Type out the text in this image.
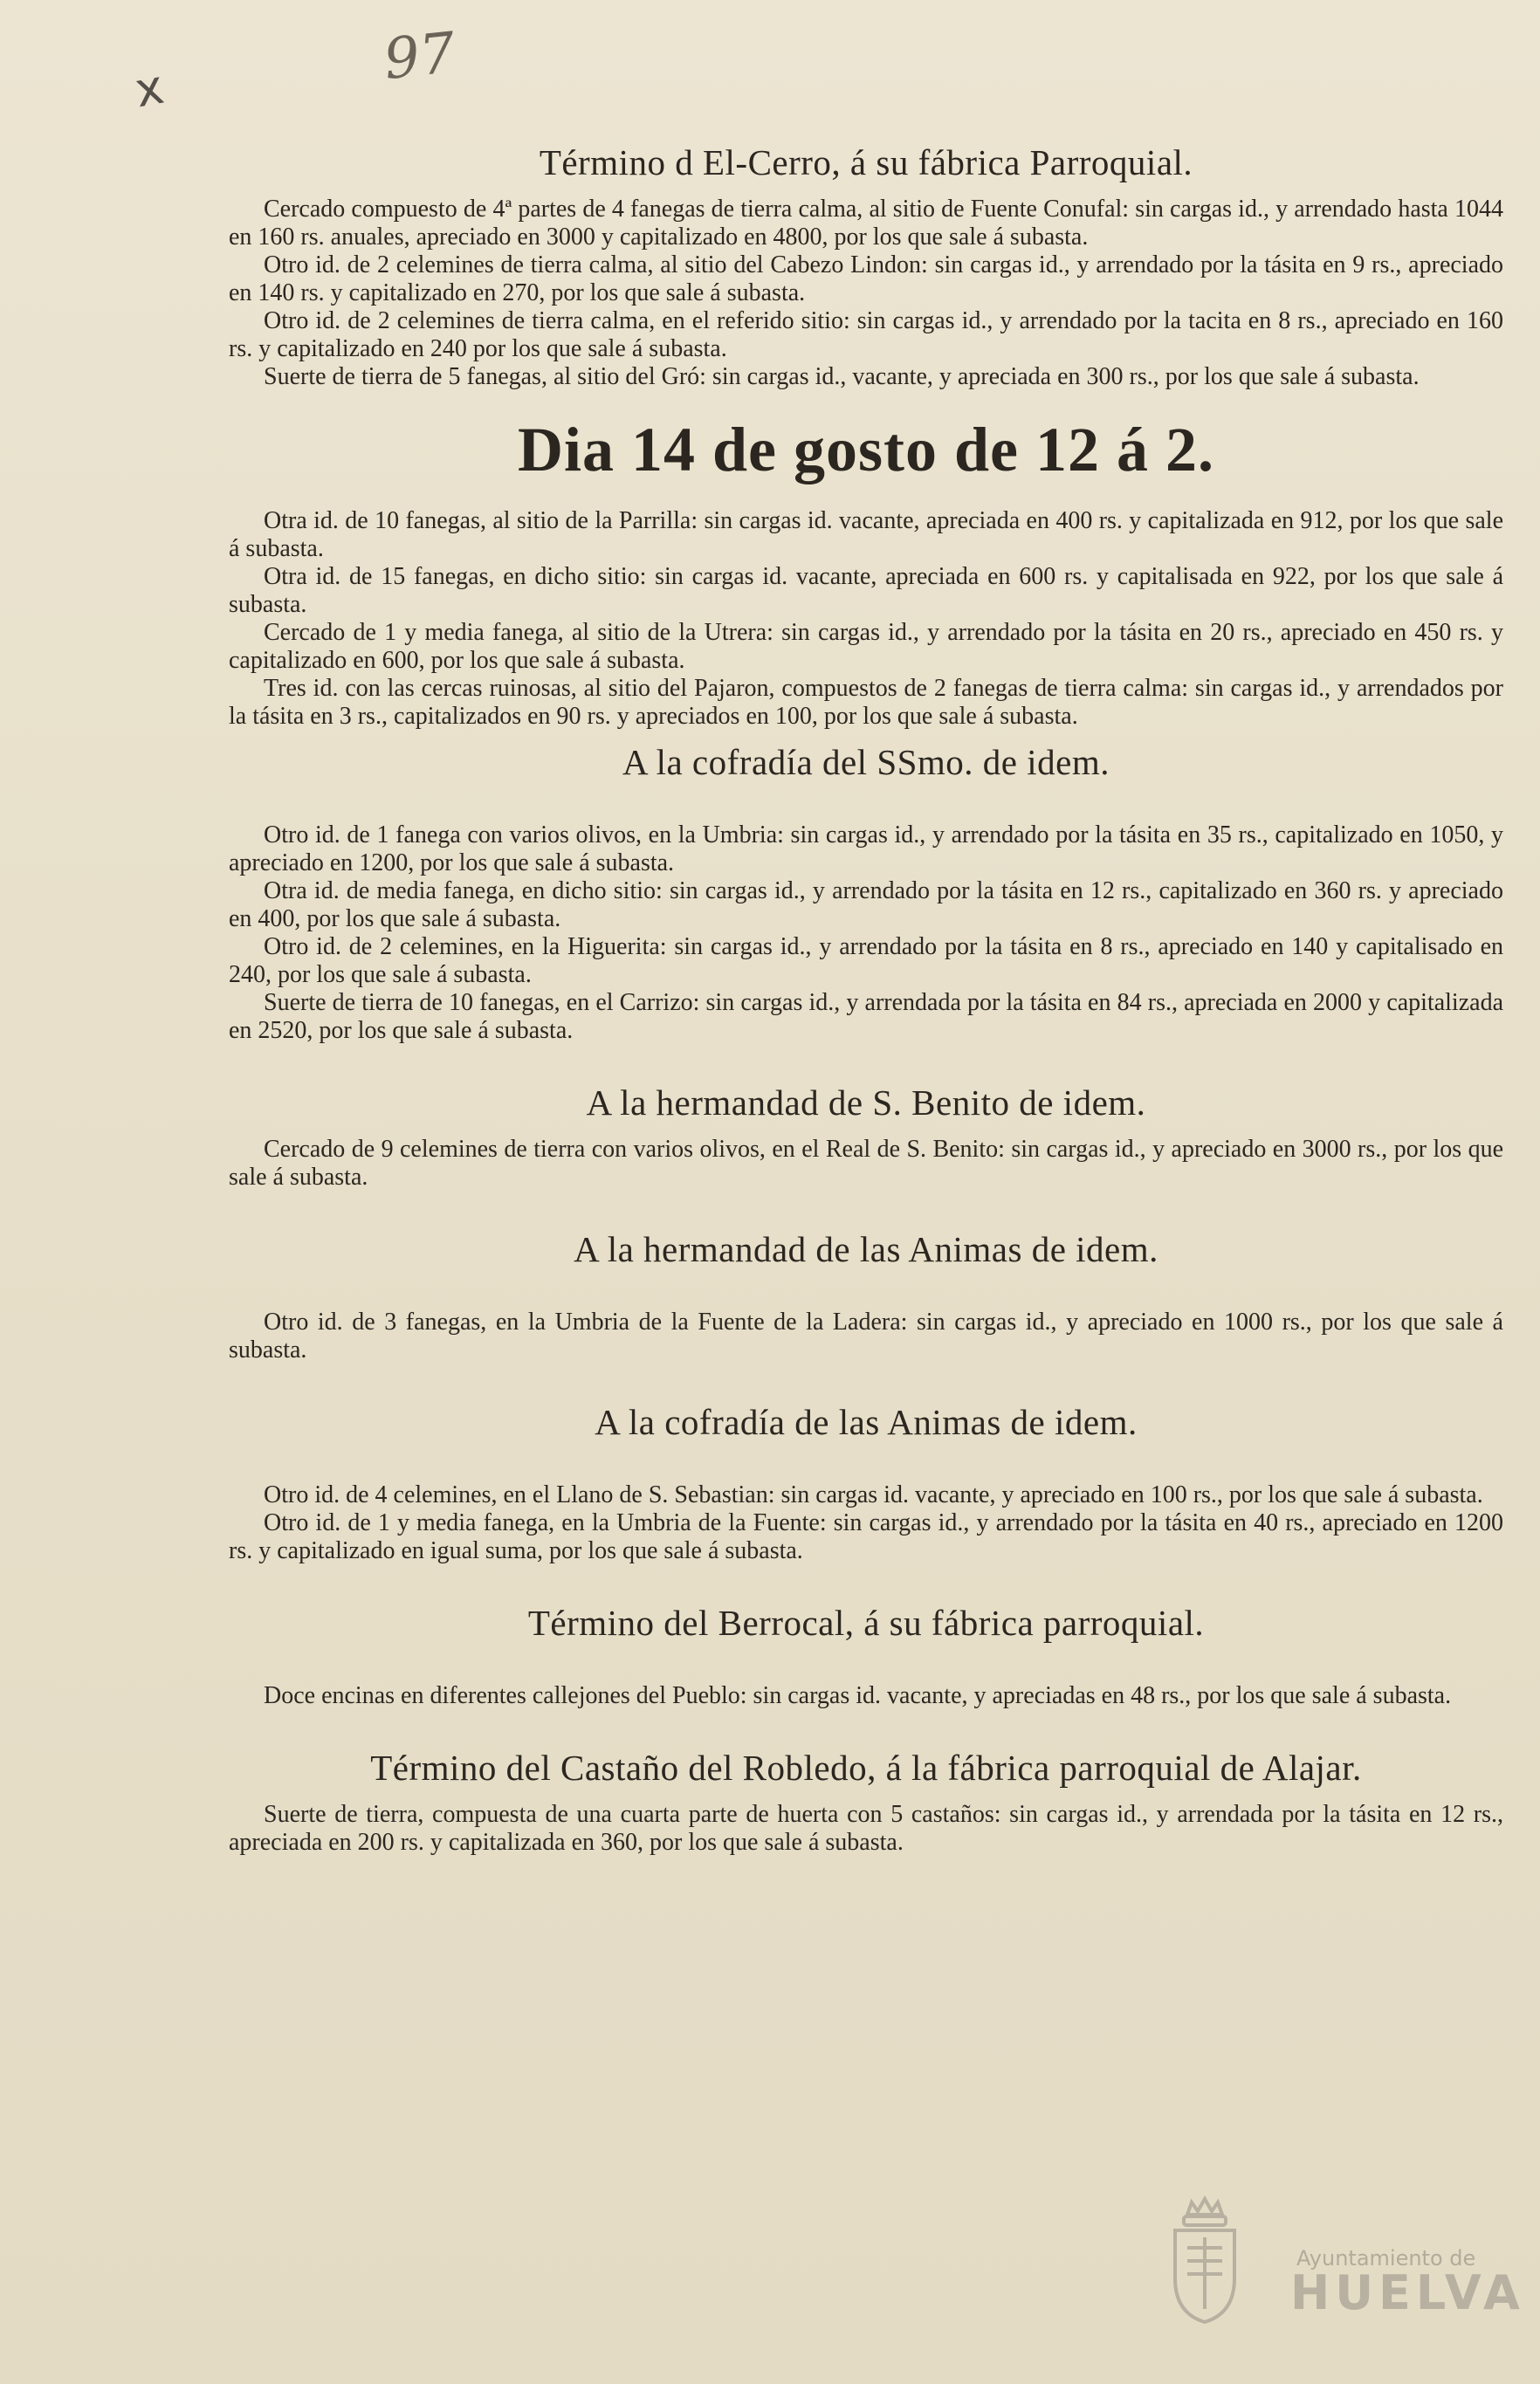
97
x
Término d El-Cerro, á su fábrica Parroquial.

Cercado compuesto de 4ª partes de 4 fanegas de tierra calma, al sitio de Fuente Conufal: sin cargas id., y arrendado hasta 1044 en 160 rs. anuales, apreciado en 3000 y capitalizado en 4800, por los que sale á subasta.

Otro id. de 2 celemines de tierra calma, al sitio del Cabezo Lindon: sin cargas id., y arrendado por la tásita en 9 rs., apreciado en 140 rs. y capitalizado en 270, por los que sale á subasta.

Otro id. de 2 celemines de tierra calma, en el referido sitio: sin cargas id., y arrendado por la tacita en 8 rs., apreciado en 160 rs. y capitalizado en 240 por los que sale á subasta.

Suerte de tierra de 5 fanegas, al sitio del Gró: sin cargas id., vacante, y apreciada en 300 rs., por los que sale á subasta.

Dia 14 de gosto de 12 á 2.

Otra id. de 10 fanegas, al sitio de la Parrilla: sin cargas id. vacante, apreciada en 400 rs. y capitalizada en 912, por los que sale á subasta.

Otra id. de 15 fanegas, en dicho sitio: sin cargas id. vacante, apreciada en 600 rs. y capitalisada en 922, por los que sale á subasta.

Cercado de 1 y media fanega, al sitio de la Utrera: sin cargas id., y arrendado por la tásita en 20 rs., apreciado en 450 rs. y capitalizado en 600, por los que sale á subasta.

Tres id. con las cercas ruinosas, al sitio del Pajaron, compuestos de 2 fanegas de tierra calma: sin cargas id., y arrendados por la tásita en 3 rs., capitalizados en 90 rs. y apreciados en 100, por los que sale á subasta.

A la cofradía del SSmo. de idem.

Otro id. de 1 fanega con varios olivos, en la Umbria: sin cargas id., y arrendado por la tásita en 35 rs., capitalizado en 1050, y apreciado en 1200, por los que sale á subasta.

Otra id. de media fanega, en dicho sitio: sin cargas id., y arrendado por la tásita en 12 rs., capitalizado en 360 rs. y apreciado en 400, por los que sale á subasta.

Otro id. de 2 celemines, en la Higuerita: sin cargas id., y arrendado por la tásita en 8 rs., apreciado en 140 y capitalisado en 240, por los que sale á subasta.

Suerte de tierra de 10 fanegas, en el Carrizo: sin cargas id., y arrendada por la tásita en 84 rs., apreciada en 2000 y capitalizada en 2520, por los que sale á subasta.

A la hermandad de S. Benito de idem.

Cercado de 9 celemines de tierra con varios olivos, en el Real de S. Benito: sin cargas id., y apreciado en 3000 rs., por los que sale á subasta.

A la hermandad de las Animas de idem.

Otro id. de 3 fanegas, en la Umbria de la Fuente de la Ladera: sin cargas id., y apreciado en 1000 rs., por los que sale á subasta.

A la cofradía de las Animas de idem.

Otro id. de 4 celemines, en el Llano de S. Sebastian: sin cargas id. vacante, y apreciado en 100 rs., por los que sale á subasta.

Otro id. de 1 y media fanega, en la Umbria de la Fuente: sin cargas id., y arrendado por la tásita en 40 rs., apreciado en 1200 rs. y capitalizado en igual suma, por los que sale á subasta.

Término del Berrocal, á su fábrica parroquial.

Doce encinas en diferentes callejones del Pueblo: sin cargas id. vacante, y apreciadas en 48 rs., por los que sale á subasta.

Término del Castaño del Robledo, á la fábrica parroquial de Alajar.

Suerte de tierra, compuesta de una cuarta parte de huerta con 5 castaños: sin cargas id., y arrendada por la tásita en 12 rs., apreciada en 200 rs. y capitalizada en 360, por los que sale á subasta.

Ayuntamiento de
HUELVA
